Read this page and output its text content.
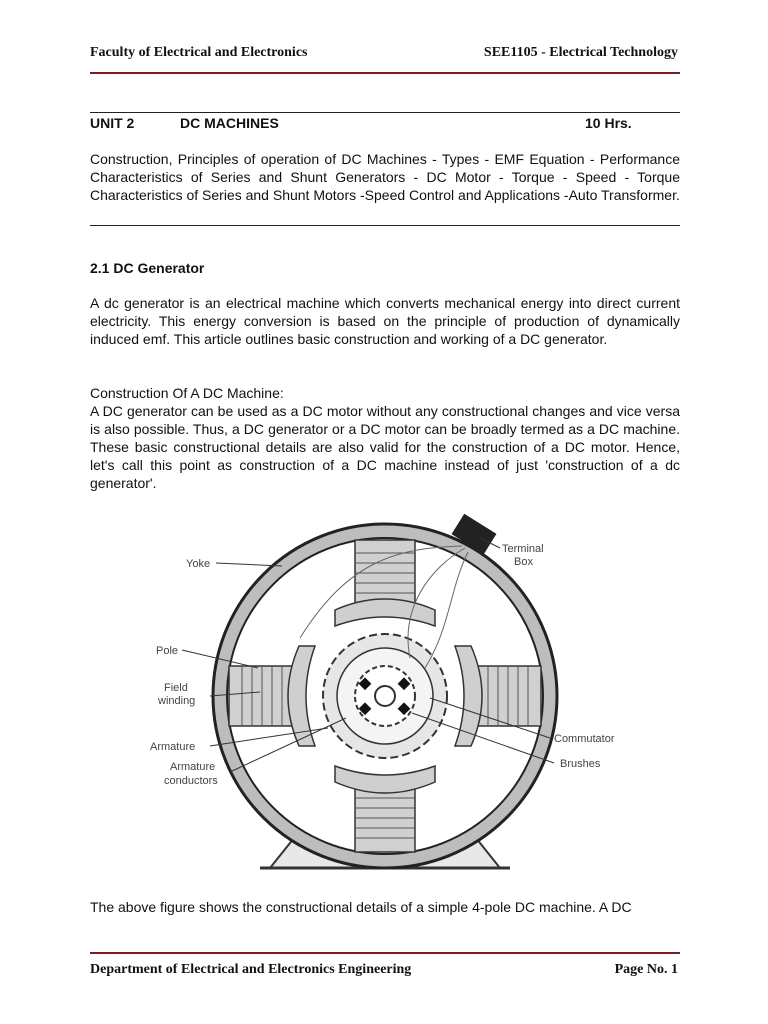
Faculty of Electrical and Electronics	SEE1105 - Electrical Technology
UNIT 2	DC MACHINES	10 Hrs.

Construction, Principles of operation of DC Machines - Types - EMF Equation - Performance Characteristics of Series and Shunt Generators - DC Motor - Torque - Speed - Torque Characteristics of Series and Shunt Motors -Speed Control and Applications -Auto Transformer.

2.1 DC Generator

A dc generator is an electrical machine which converts mechanical energy into direct current electricity. This energy conversion is based on the principle of production of dynamically induced emf. This article outlines basic construction and working of a DC generator.

Construction Of A DC Machine:

A DC generator can be used as a DC motor without any constructional changes and vice versa is also possible. Thus, a DC generator or a DC motor can be broadly termed as a DC machine. These basic constructional details are also valid for the construction of a DC motor. Hence, let's call this point as construction of a DC machine instead of just 'construction of a dc generator'.

Yoke
Terminal
Box
Pole
Field
winding
Armature
Armature
conductors
Commutator
Brushes

The above figure shows the constructional details of a simple 4-pole DC machine. A DC

Department of Electrical and Electronics Engineering	Page No. 1
